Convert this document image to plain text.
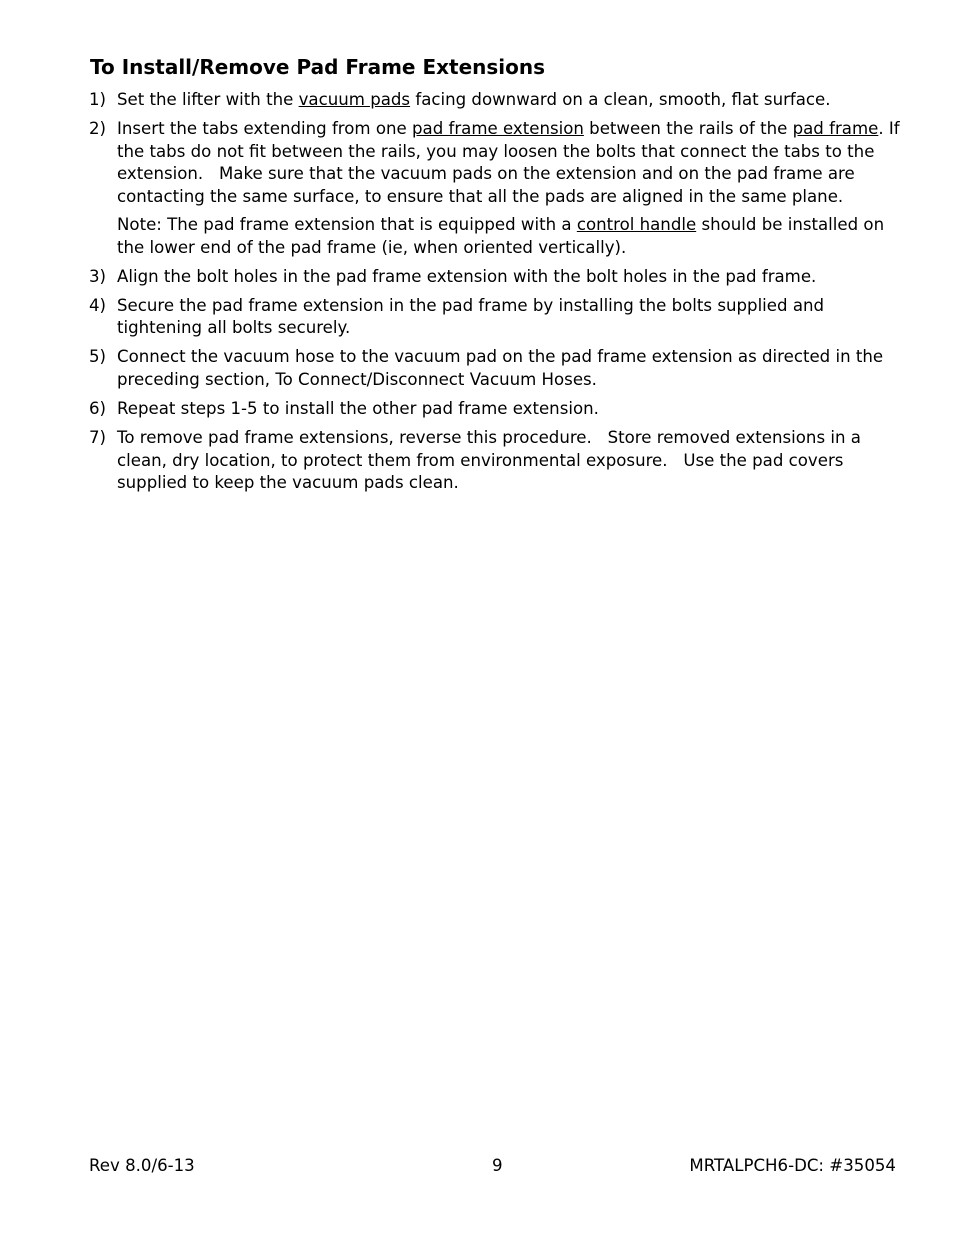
To Install/Remove Pad Frame Extensions
1) Set the lifter with the vacuum pads facing downward on a clean, smooth, flat surface.
2) Insert the tabs extending from one pad frame extension between the rails of the pad frame. If the tabs do not fit between the rails, you may loosen the bolts that connect the tabs to the extension.   Make sure that the vacuum pads on the extension and on the pad frame are contacting the same surface, to ensure that all the pads are aligned in the same plane.
Note: The pad frame extension that is equipped with a control handle should be installed on the lower end of the pad frame (ie, when oriented vertically).
3) Align the bolt holes in the pad frame extension with the bolt holes in the pad frame.
4) Secure the pad frame extension in the pad frame by installing the bolts supplied and tightening all bolts securely.
5) Connect the vacuum hose to the vacuum pad on the pad frame extension as directed in the preceding section, To Connect/Disconnect Vacuum Hoses.
6) Repeat steps 1-5 to install the other pad frame extension.
7) To remove pad frame extensions, reverse this procedure.   Store removed extensions in a clean, dry location, to protect them from environmental exposure.   Use the pad covers supplied to keep the vacuum pads clean.
Rev 8.0/6-13	9	MRTALPCH6-DC: #35054
